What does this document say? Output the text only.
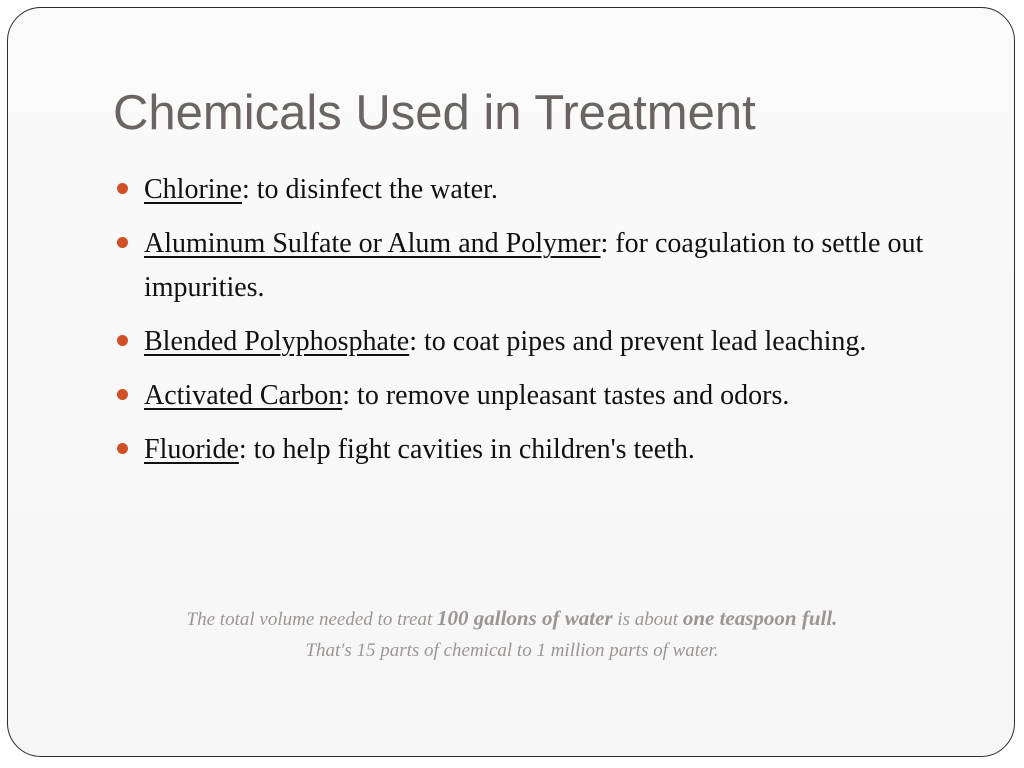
Chemicals Used in Treatment
Chlorine: to disinfect the water.
Aluminum Sulfate or Alum and Polymer: for coagulation to settle out impurities.
Blended Polyphosphate: to coat pipes and prevent lead leaching.
Activated Carbon: to remove unpleasant tastes and odors.
Fluoride: to help fight cavities in children's teeth.
The total volume needed to treat 100 gallons of water is about one teaspoon full.
That's 15 parts of chemical to 1 million parts of water.
